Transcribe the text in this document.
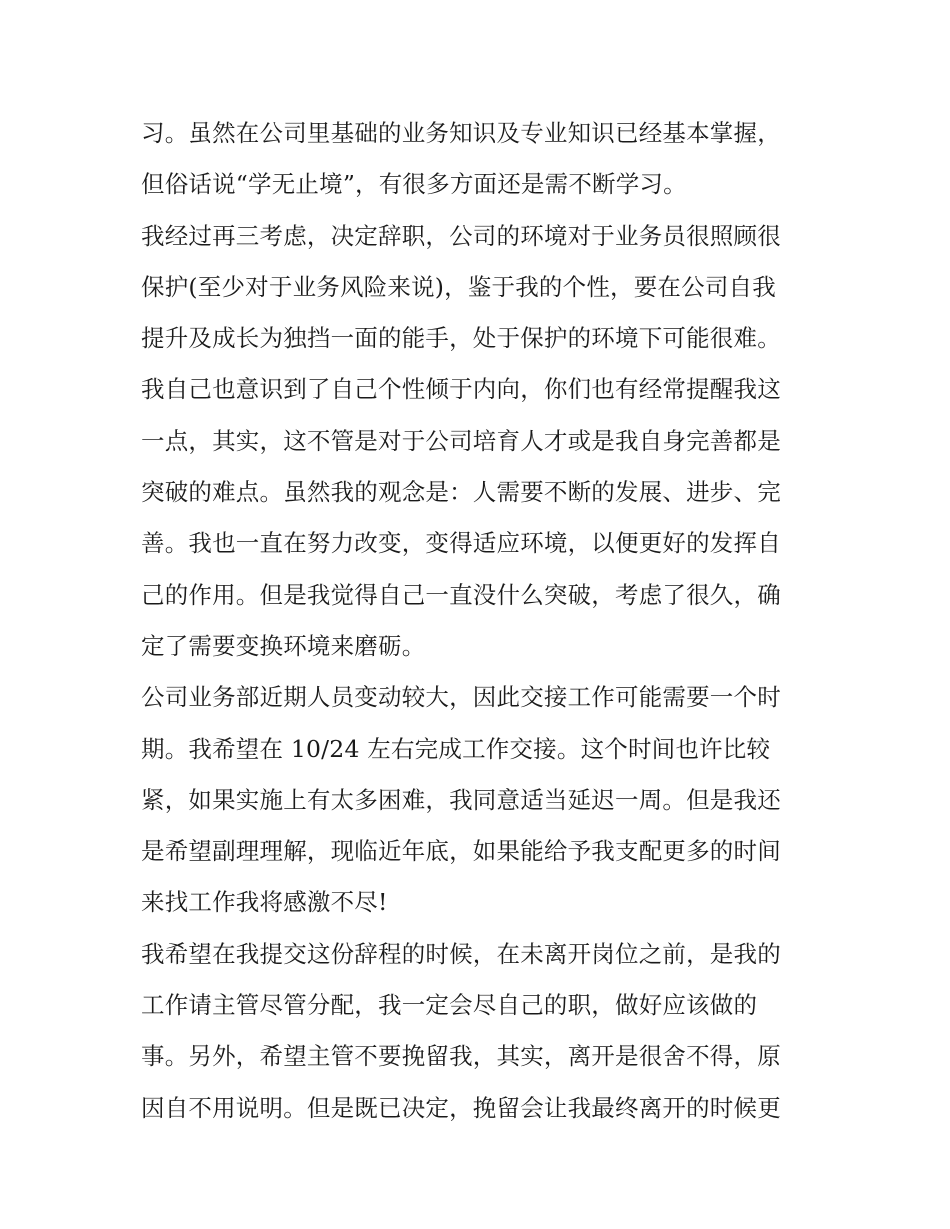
习。虽然在公司里基础的业务知识及专业知识已经基本掌握，
但俗话说“学无止境”，有很多方面还是需不断学习。
我经过再三考虑，决定辞职，公司的环境对于业务员很照顾很
保护(至少对于业务风险来说)，鉴于我的个性，要在公司自我
提升及成长为独挡一面的能手，处于保护的环境下可能很难。
我自己也意识到了自己个性倾于内向，你们也有经常提醒我这
一点，其实，这不管是对于公司培育人才或是我自身完善都是
突破的难点。虽然我的观念是：人需要不断的发展、进步、完
善。我也一直在努力改变，变得适应环境，以便更好的发挥自
己的作用。但是我觉得自己一直没什么突破，考虑了很久，确
定了需要变换环境来磨砺。
公司业务部近期人员变动较大，因此交接工作可能需要一个时
期。我希望在 10/24 左右完成工作交接。这个时间也许比较
紧，如果实施上有太多困难，我同意适当延迟一周。但是我还
是希望副理理解，现临近年底，如果能给予我支配更多的时间
来找工作我将感激不尽!
我希望在我提交这份辞程的时候，在未离开岗位之前，是我的
工作请主管尽管分配，我一定会尽自己的职，做好应该做的
事。另外，希望主管不要挽留我，其实，离开是很舍不得，原
因自不用说明。但是既已决定，挽留会让我最终离开的时候更
